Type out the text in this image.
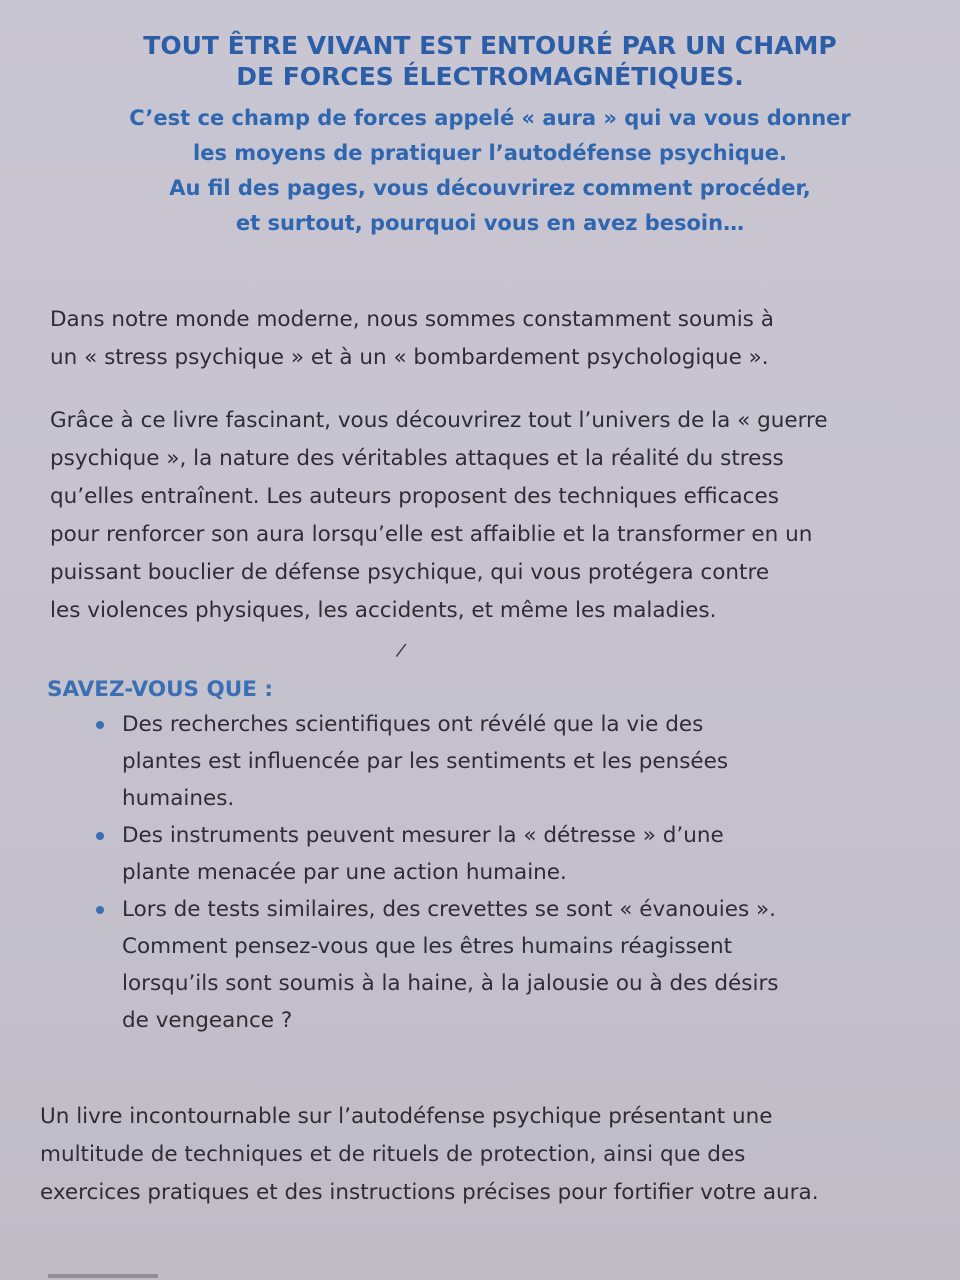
TOUT ÊTRE VIVANT EST ENTOURÉ PAR UN CHAMP
DE FORCES ÉLECTROMAGNÉTIQUES.

C’est ce champ de forces appelé « aura » qui va vous donner
les moyens de pratiquer l’autodéfense psychique.
Au fil des pages, vous découvrirez comment procéder,
et surtout, pourquoi vous en avez besoin…

Dans notre monde moderne, nous sommes constamment soumis à
un « stress psychique » et à un « bombardement psychologique ».

Grâce à ce livre fascinant, vous découvrirez tout l’univers de la « guerre
psychique », la nature des véritables attaques et la réalité du stress
qu’elles entraînent. Les auteurs proposent des techniques efficaces
pour renforcer son aura lorsqu’elle est affaiblie et la transformer en un
puissant bouclier de défense psychique, qui vous protégera contre
les violences physiques, les accidents, et même les maladies.

/
SAVEZ-VOUS QUE :
Des recherches scientifiques ont révélé que la vie des
plantes est influencée par les sentiments et les pensées
humaines.
Des instruments peuvent mesurer la « détresse » d’une
plante menacée par une action humaine.
Lors de tests similaires, des crevettes se sont « évanouies ».
Comment pensez-vous que les êtres humains réagissent
lorsqu’ils sont soumis à la haine, à la jalousie ou à des désirs
de vengeance ?

Un livre incontournable sur l’autodéfense psychique présentant une
multitude de techniques et de rituels de protection, ainsi que des
exercices pratiques et des instructions précises pour fortifier votre aura.
